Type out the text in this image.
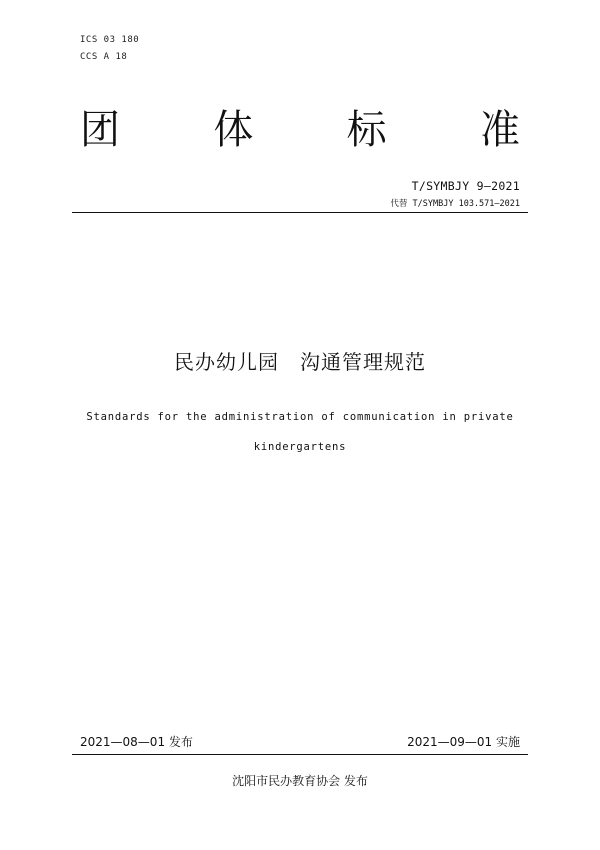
ICS 03 180
CCS A 18
团 体 标 准
T/SYMBJY 9—2021
代替 T/SYMBJY 103.571—2021
民办幼儿园　沟通管理规范
Standards for the administration of communication in private
kindergartens
2021—08—01 发布	2021—09—01 实施
沈阳市民办教育协会 发布
